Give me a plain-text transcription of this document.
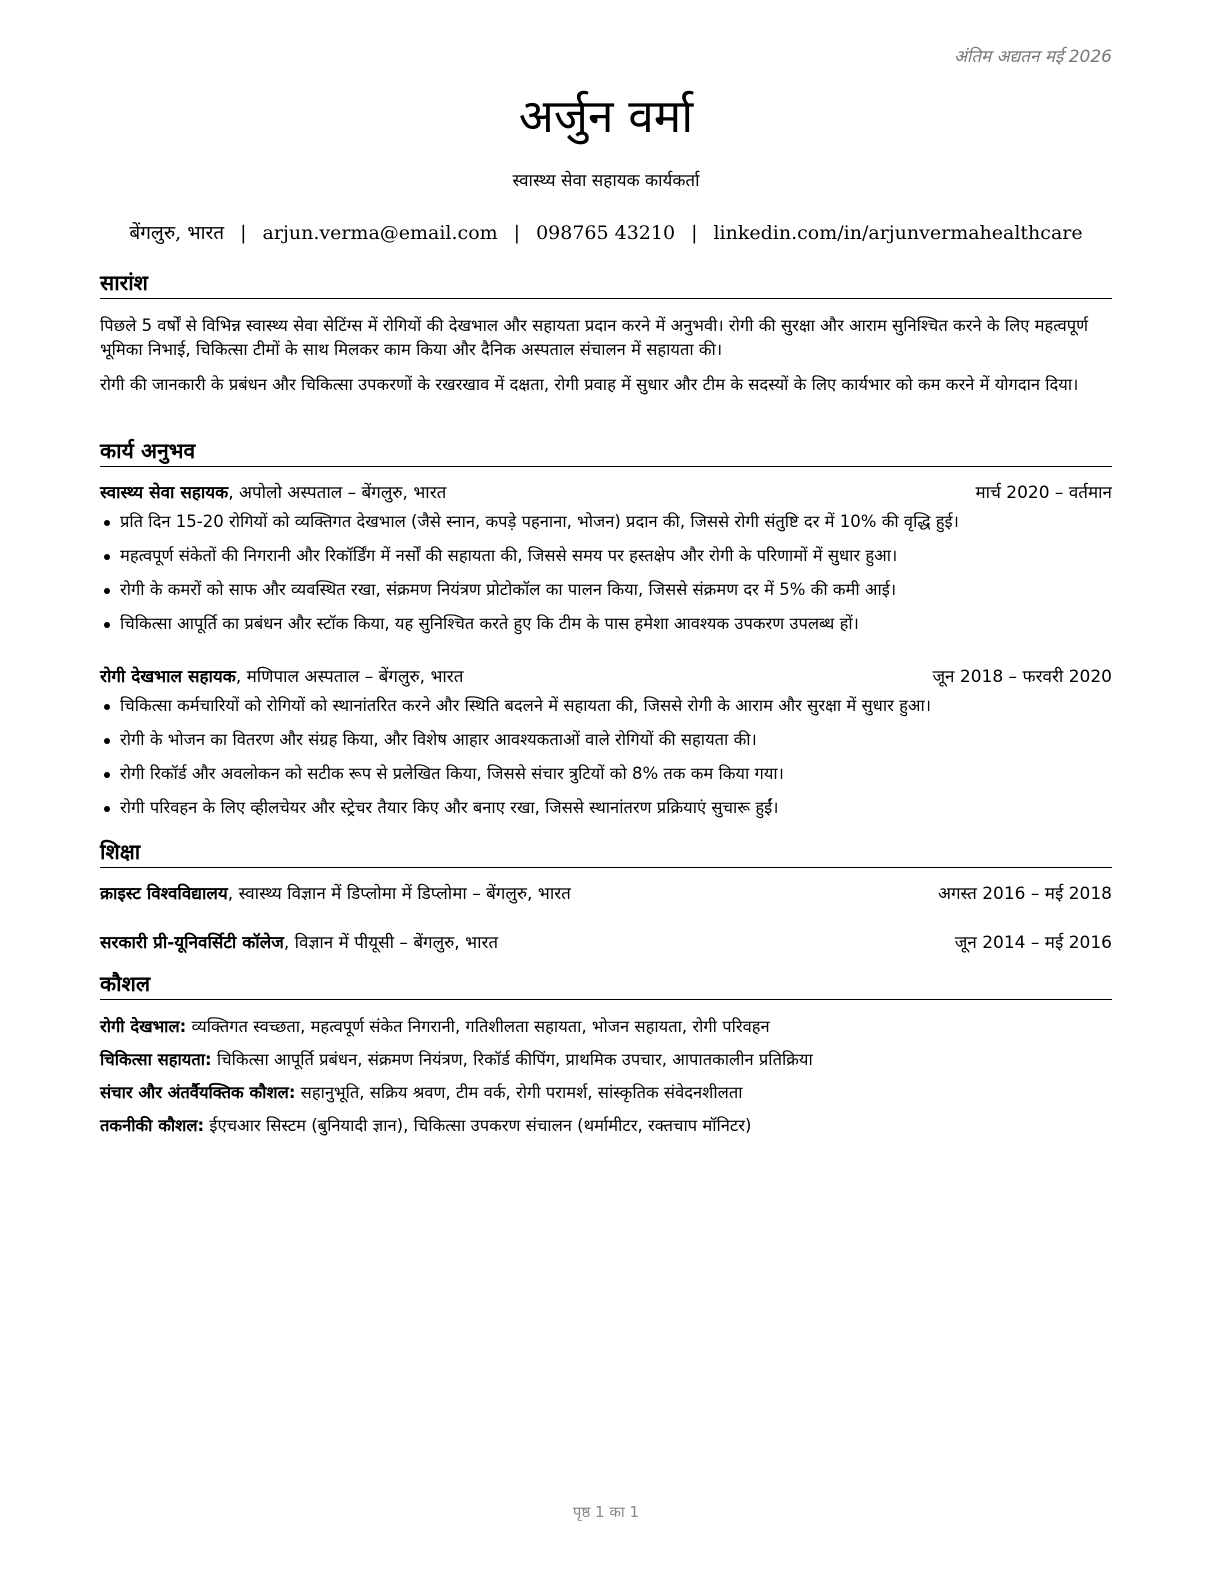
अंतिम अद्यतन मई 2026
अर्जुन वर्मा
स्वास्थ्य सेवा सहायक कार्यकर्ता
बेंगलुरु, भारत | arjun.verma@email.com | 098765 43210 | linkedin.com/in/arjunvermahealthcare
सारांश

पिछले 5 वर्षों से विभिन्न स्वास्थ्य सेवा सेटिंग्स में रोगियों की देखभाल और सहायता प्रदान करने में अनुभवी। रोगी की सुरक्षा और आराम सुनिश्चित करने के लिए महत्वपूर्ण भूमिका निभाई, चिकित्सा टीमों के साथ मिलकर काम किया और दैनिक अस्पताल संचालन में सहायता की।

रोगी की जानकारी के प्रबंधन और चिकित्सा उपकरणों के रखरखाव में दक्षता, रोगी प्रवाह में सुधार और टीम के सदस्यों के लिए कार्यभार को कम करने में योगदान दिया।

कार्य अनुभव
स्वास्थ्य सेवा सहायक, अपोलो अस्पताल – बेंगलुरु, भारत	मार्च 2020 – वर्तमान
प्रति दिन 15-20 रोगियों को व्यक्तिगत देखभाल (जैसे स्नान, कपड़े पहनाना, भोजन) प्रदान की, जिससे रोगी संतुष्टि दर में 10% की वृद्धि हुई।
महत्वपूर्ण संकेतों की निगरानी और रिकॉर्डिंग में नर्सों की सहायता की, जिससे समय पर हस्तक्षेप और रोगी के परिणामों में सुधार हुआ।
रोगी के कमरों को साफ और व्यवस्थित रखा, संक्रमण नियंत्रण प्रोटोकॉल का पालन किया, जिससे संक्रमण दर में 5% की कमी आई।
चिकित्सा आपूर्ति का प्रबंधन और स्टॉक किया, यह सुनिश्चित करते हुए कि टीम के पास हमेशा आवश्यक उपकरण उपलब्ध हों।
रोगी देखभाल सहायक, मणिपाल अस्पताल – बेंगलुरु, भारत	जून 2018 – फरवरी 2020
चिकित्सा कर्मचारियों को रोगियों को स्थानांतरित करने और स्थिति बदलने में सहायता की, जिससे रोगी के आराम और सुरक्षा में सुधार हुआ।
रोगी के भोजन का वितरण और संग्रह किया, और विशेष आहार आवश्यकताओं वाले रोगियों की सहायता की।
रोगी रिकॉर्ड और अवलोकन को सटीक रूप से प्रलेखित किया, जिससे संचार त्रुटियों को 8% तक कम किया गया।
रोगी परिवहन के लिए व्हीलचेयर और स्ट्रेचर तैयार किए और बनाए रखा, जिससे स्थानांतरण प्रक्रियाएं सुचारू हुईं।
शिक्षा
क्राइस्ट विश्वविद्यालय, स्वास्थ्य विज्ञान में डिप्लोमा में डिप्लोमा – बेंगलुरु, भारत	अगस्त 2016 – मई 2018
सरकारी प्री-यूनिवर्सिटी कॉलेज, विज्ञान में पीयूसी – बेंगलुरु, भारत	जून 2014 – मई 2016
कौशल
रोगी देखभाल: व्यक्तिगत स्वच्छता, महत्वपूर्ण संकेत निगरानी, गतिशीलता सहायता, भोजन सहायता, रोगी परिवहन
चिकित्सा सहायता: चिकित्सा आपूर्ति प्रबंधन, संक्रमण नियंत्रण, रिकॉर्ड कीपिंग, प्राथमिक उपचार, आपातकालीन प्रतिक्रिया
संचार और अंतर्वैयक्तिक कौशल: सहानुभूति, सक्रिय श्रवण, टीम वर्क, रोगी परामर्श, सांस्कृतिक संवेदनशीलता
तकनीकी कौशल: ईएचआर सिस्टम (बुनियादी ज्ञान), चिकित्सा उपकरण संचालन (थर्मामीटर, रक्तचाप मॉनिटर)
पृष्ठ 1 का 1
